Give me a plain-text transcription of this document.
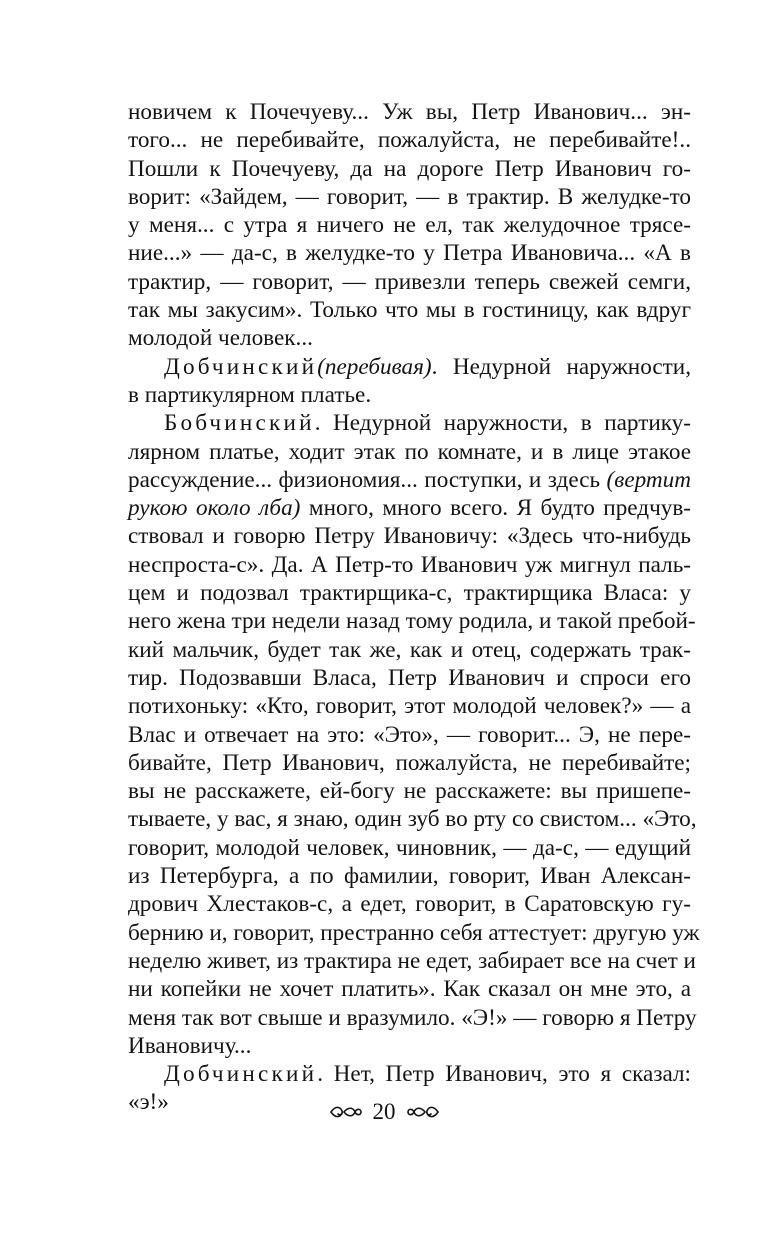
новичем к Почечуеву... Уж вы, Петр Иванович... эн-
того... не перебивайте, пожалуйста, не перебивайте!..
Пошли к Почечуеву, да на дороге Петр Иванович го-
ворит: «Зайдем, — говорит, — в трактир. В желудке-то
у меня... с утра я ничего не ел, так желудочное трясе-
ние...» — да-с, в желудке-то у Петра Ивановича... «А в
трактир, — говорит, — привезли теперь свежей семги,
так мы закусим». Только что мы в гостиницу, как вдруг
молодой человек...
Добчинский(перебивая). Недурной наружности,
в партикулярном платье.
Бобчинский. Недурной наружности, в партику-
лярном платье, ходит этак по комнате, и в лице этакое
рассуждение... физиономия... поступки, и здесь (вертит
рукою около лба) много, много всего. Я будто предчув-
ствовал и говорю Петру Ивановичу: «Здесь что-нибудь
неспроста-с». Да. А Петр-то Иванович уж мигнул паль-
цем и подозвал трактирщика-с, трактирщика Власа: у
него жена три недели назад тому родила, и такой пребой-
кий мальчик, будет так же, как и отец, содержать трак-
тир. Подозвавши Власа, Петр Иванович и спроси его
потихоньку: «Кто, говорит, этот молодой человек?» — а
Влас и отвечает на это: «Это», — говорит... Э, не пере-
бивайте, Петр Иванович, пожалуйста, не перебивайте;
вы не расскажете, ей-богу не расскажете: вы пришепе-
тываете, у вас, я знаю, один зуб во рту со свистом... «Это,
говорит, молодой человек, чиновник, — да-с, — едущий
из Петербурга, а по фамилии, говорит, Иван Алексан-
дрович Хлестаков-с, а едет, говорит, в Саратовскую гу-
бернию и, говорит, престранно себя аттестует: другую уж
неделю живет, из трактира не едет, забирает все на счет и
ни копейки не хочет платить». Как сказал он мне это, а
меня так вот свыше и вразумило. «Э!» — говорю я Петру
Ивановичу...
Добчинский. Нет, Петр Иванович, это я сказал:
«э!»	20
